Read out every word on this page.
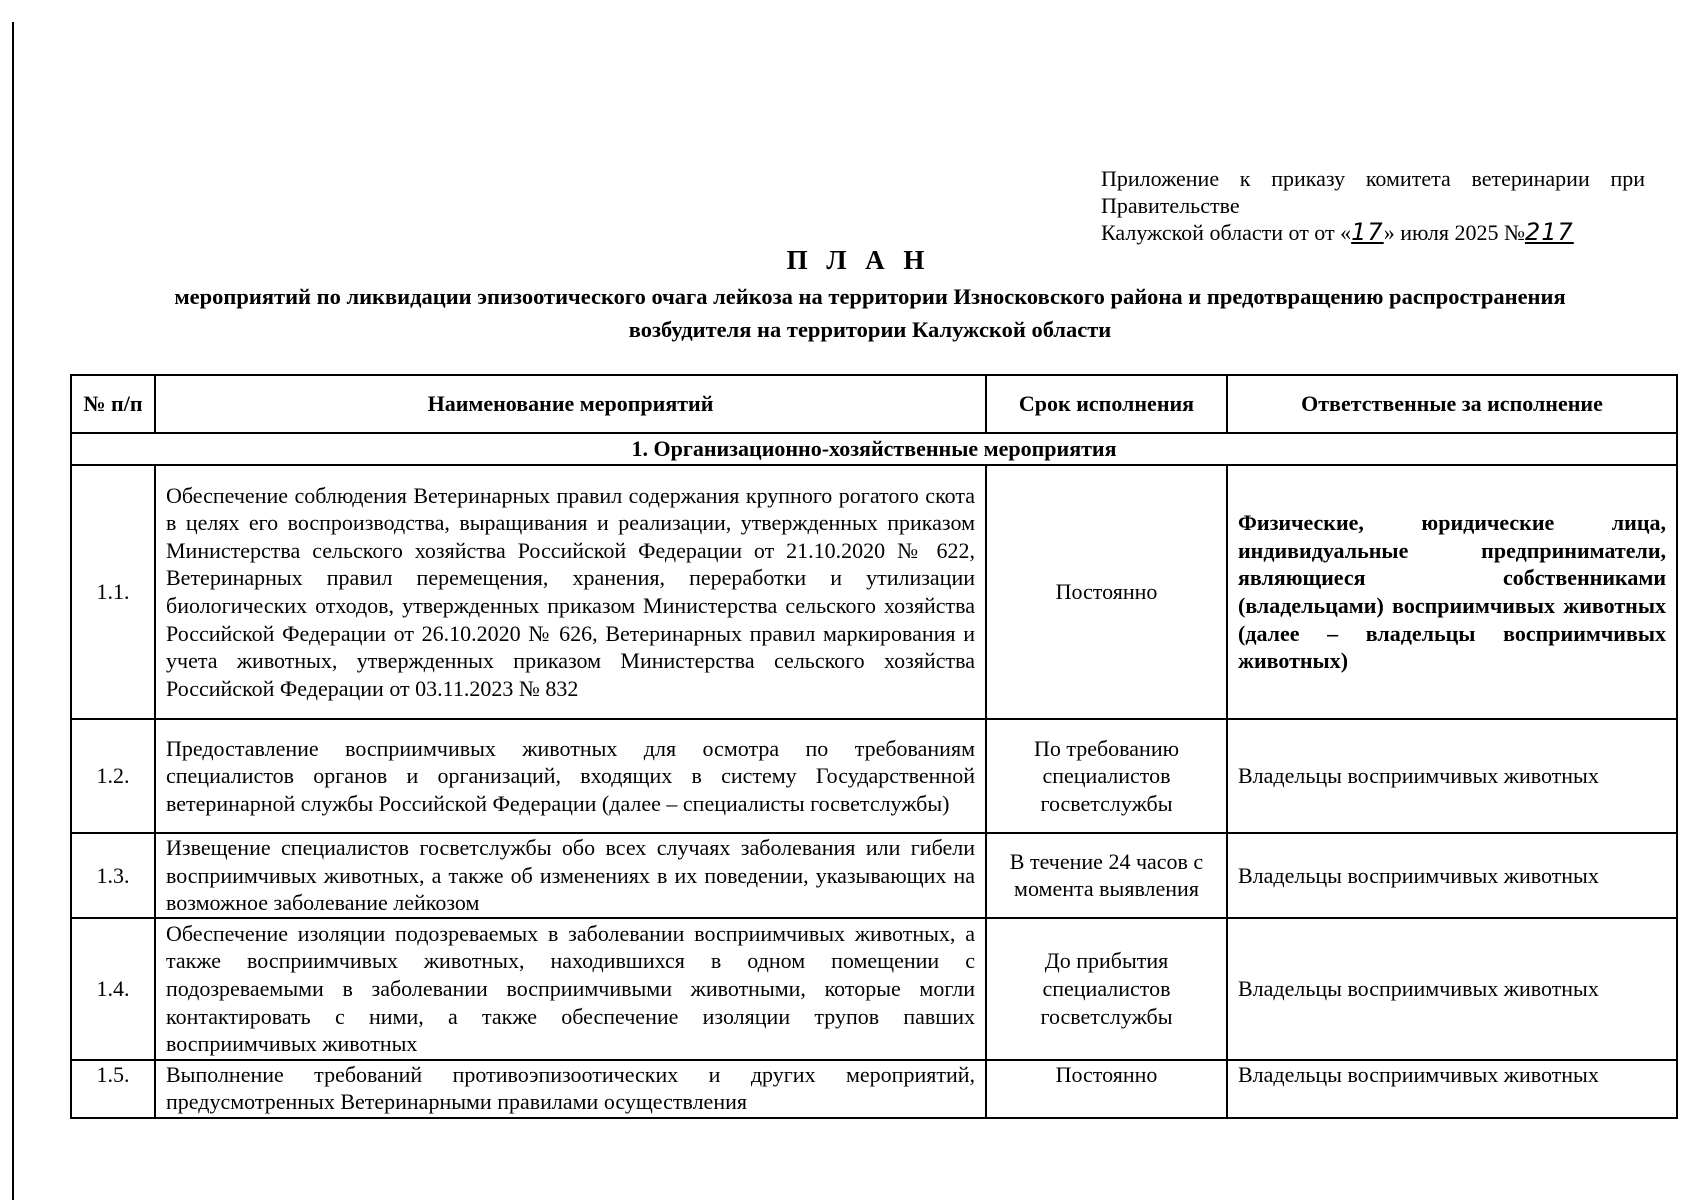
Приложение к приказу комитета ветеринарии при Правительстве
Калужской области от от «17» июля 2025 №217
П Л А Н
мероприятий по ликвидации эпизоотического очага лейкоза на территории Износковского района и предотвращению распространения возбудителя на территории Калужской области
№ п/п	Наименование мероприятий	Срок исполнения	Ответственные за исполнение
1. Организационно-хозяйственные мероприятия			
1.1.	Обеспечение соблюдения Ветеринарных правил содержания крупного рогатого скота в целях его воспроизводства, выращивания и реализации, утвержденных приказом Министерства сельского хозяйства Российской Федерации от 21.10.2020 № 622, Ветеринарных правил перемещения, хранения, переработки и утилизации биологических отходов, утвержденных приказом Министерства сельского хозяйства Российской Федерации от 26.10.2020 № 626, Ветеринарных правил маркирования и учета животных, утвержденных приказом Министерства сельского хозяйства Российской Федерации от 03.11.2023 № 832	Постоянно	Физические, юридические лица, индивидуальные предприниматели, являющиеся собственниками (владельцами) восприимчивых животных (далее – владельцы восприимчивых животных)
1.2.	Предоставление восприимчивых животных для осмотра по требованиям специалистов органов и организаций, входящих в систему Государственной ветеринарной службы Российской Федерации (далее – специалисты госветслужбы)	По требованию специалистов госветслужбы	Владельцы восприимчивых животных
1.3.	Извещение специалистов госветслужбы обо всех случаях заболевания или гибели восприимчивых животных, а также об изменениях в их поведении, указывающих на возможное заболевание лейкозом	В течение 24 часов с момента выявления	Владельцы восприимчивых животных
1.4.	Обеспечение изоляции подозреваемых в заболевании восприимчивых животных, а также восприимчивых животных, находившихся в одном помещении с подозреваемыми в заболевании восприимчивыми животными, которые могли контактировать с ними, а также обеспечение изоляции трупов павших восприимчивых животных	До прибытия специалистов госветслужбы	Владельцы восприимчивых животных
1.5.	Выполнение требований противоэпизоотических и других мероприятий, предусмотренных Ветеринарными правилами осуществления	Постоянно	Владельцы восприимчивых животных
